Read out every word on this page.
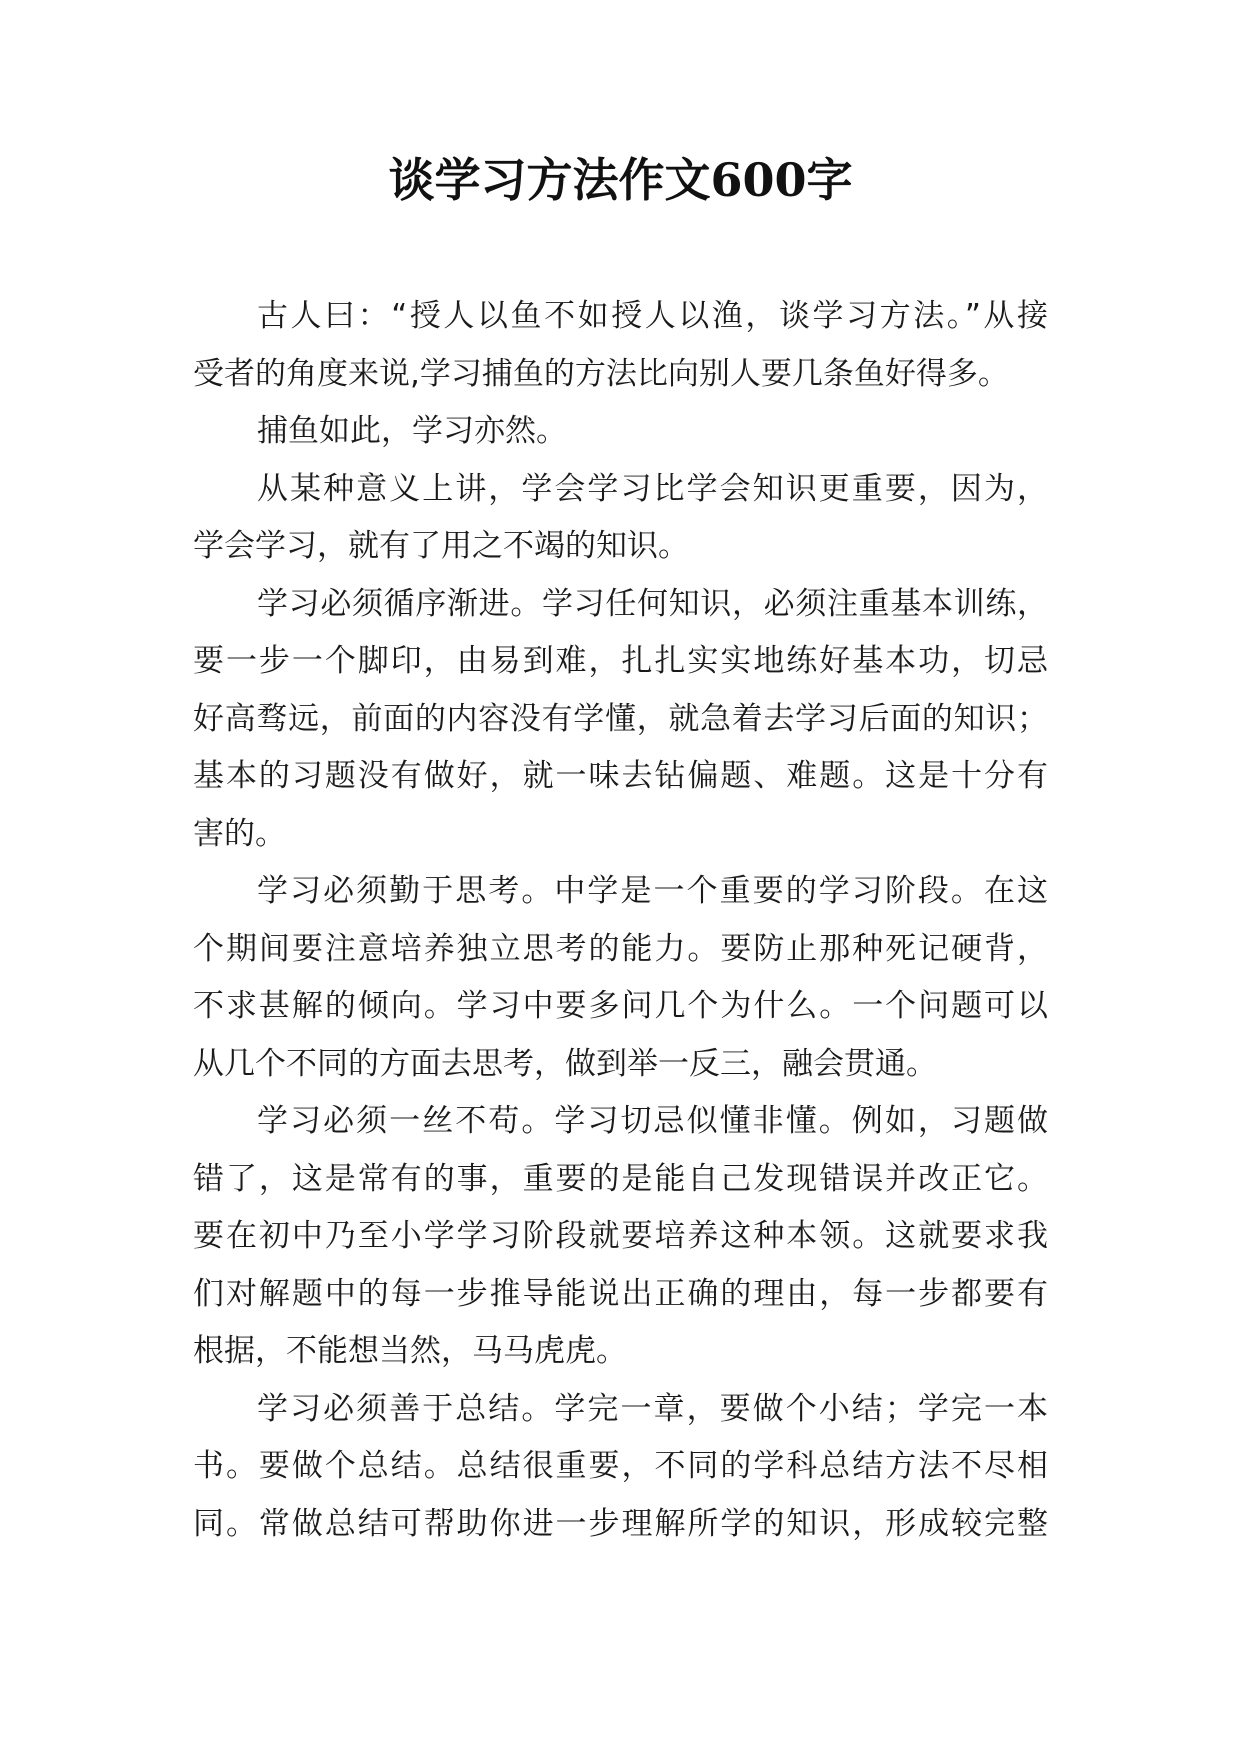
谈学习方法作文600字
古人曰：“授人以鱼不如授人以渔，谈学习方法。”从接
受者的角度来说,学习捕鱼的方法比向别人要几条鱼好得多。
捕鱼如此，学习亦然。
从某种意义上讲，学会学习比学会知识更重要，因为，
学会学习，就有了用之不竭的知识。
学习必须循序渐进。学习任何知识，必须注重基本训练，
要一步一个脚印，由易到难，扎扎实实地练好基本功，切忌
好高骛远，前面的内容没有学懂，就急着去学习后面的知识；
基本的习题没有做好，就一味去钻偏题、难题。这是十分有
害的。
学习必须勤于思考。中学是一个重要的学习阶段。在这
个期间要注意培养独立思考的能力。要防止那种死记硬背，
不求甚解的倾向。学习中要多问几个为什么。一个问题可以
从几个不同的方面去思考，做到举一反三，融会贯通。
学习必须一丝不苟。学习切忌似懂非懂。例如，习题做
错了，这是常有的事，重要的是能自己发现错误并改正它。
要在初中乃至小学学习阶段就要培养这种本领。这就要求我
们对解题中的每一步推导能说出正确的理由，每一步都要有
根据，不能想当然，马马虎虎。
学习必须善于总结。学完一章，要做个小结；学完一本
书。要做个总结。总结很重要，不同的学科总结方法不尽相
同。常做总结可帮助你进一步理解所学的知识，形成较完整
